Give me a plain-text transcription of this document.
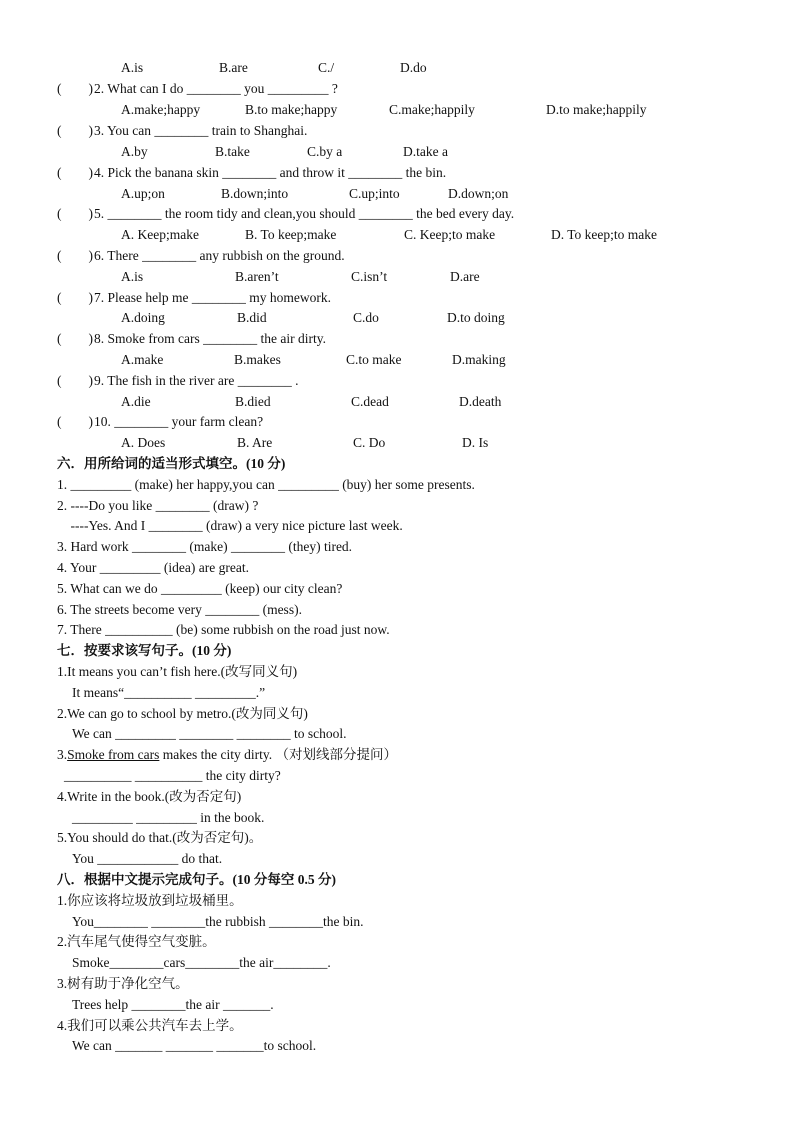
A.is	B.are	C./	D.do
(        ) 2. What can I do ________ you _________ ?
A.make;happy	B.to make;happy	C.make;happily	D.to make;happily
(        ) 3. You can ________ train to Shanghai.
A.by	B.take	C.by a	D.take a
(        ) 4. Pick the banana skin ________ and throw it ________ the bin.
A.up;on	B.down;into	C.up;into	D.down;on
(        ) 5. ________ the room tidy and clean,you should ________ the bed every day.
A. Keep;make	B. To keep;make	C. Keep;to make	D. To keep;to make
(        ) 6. There ________ any rubbish on the ground.
A.is	B.aren’t	C.isn’t	D.are
(        ) 7. Please help me ________ my homework.
A.doing	B.did	C.do	D.to doing
(        ) 8. Smoke from cars ________ the air dirty.
A.make	B.makes	C.to make	D.making
(        ) 9. The fish in the river are ________ .
A.die	B.died	C.dead	D.death
(        ) 10. ________ your farm clean?
A. Does	B. Are	C. Do	D. Is
六．用所给词的适当形式填空。(10 分)
1. _________ (make) her happy,you can _________ (buy) her some presents.
2. ----Do you like ________ (draw) ?
----Yes. And I ________ (draw) a very nice picture last week.
3. Hard work ________ (make) ________ (they) tired.
4. Your _________ (idea) are great.
5. What can we do _________ (keep) our city clean?
6. The streets become very ________ (mess).
7. There __________ (be) some rubbish on the road just now.
七．按要求该写句子。(10 分)
1.It means you can’t fish here.(改写同义句)
It means“__________ _________.”
2.We can go to school by metro.(改为同义句)
We can _________ ________ ________ to school.
3.Smoke from cars makes the city dirty. （对划线部分提问）
__________ __________ the city dirty?
4.Write in the book.(改为否定句)
_________ _________ in the book.
5.You should do that.(改为否定句)。
You ____________ do that.
八．根据中文提示完成句子。(10 分每空 0.5 分)
1.你应该将垃圾放到垃圾桶里。
You________ ________the rubbish ________the bin.
2.汽车尾气使得空气变脏。
Smoke________cars________the air________.
3.树有助于净化空气。
Trees help ________the air _______.
4.我们可以乘公共汽车去上学。
We can _______ _______ _______to school.
